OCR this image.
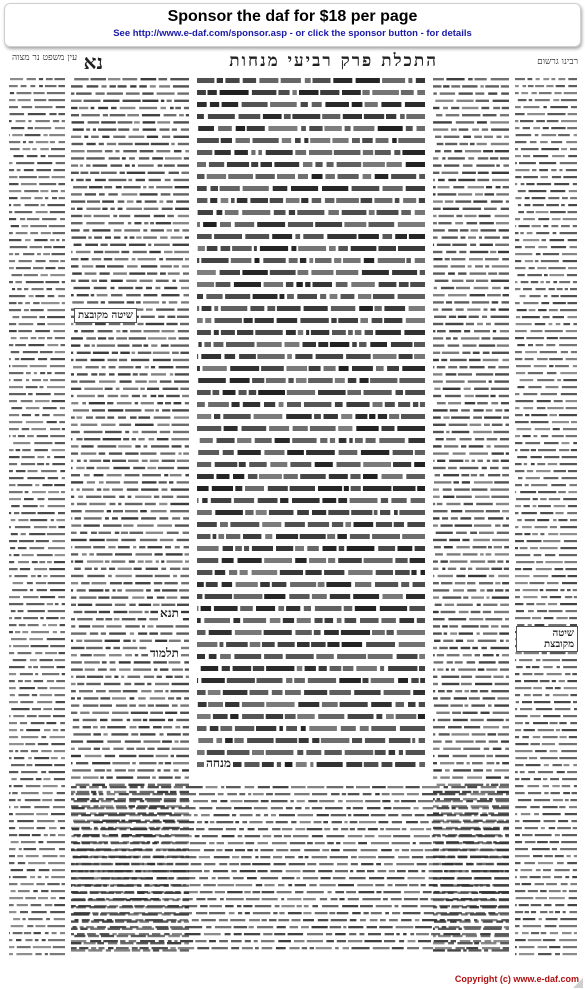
Sponsor the daf for $18 per page
See http://www.e-daf.com/sponsor.asp - or click the sponsor button - for details
רבינו גרשום
התכלת פרק רביעי מנחות
נא
עין משפט נר מצוה
שיטה מקובצת
שיטה מקובצת
תנא
תלמוד
מנחה
Copyright (c) www.e-daf.com
